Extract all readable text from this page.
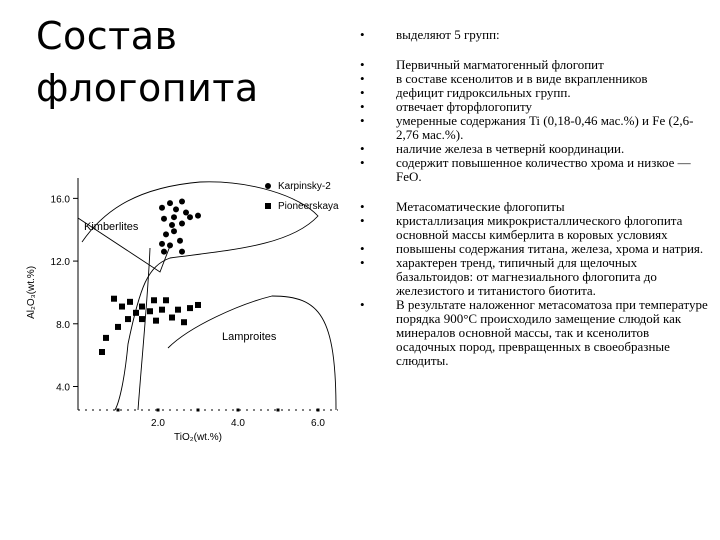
Состав
флогопита
4.0
8.0
12.0
16.0
2.0	4.0	6.0
TiO₂(wt.%)
Al₂O₃(wt.%)
Kimberlites
Lamproites
Karpinsky-2
Pioneerskaya
•	выделяют 5 групп:
•	Первичный магматогенный флогопит
•	в составе ксенолитов и в виде вкрапленников
•	дефицит гидроксильных групп.
•	отвечает фторфлогопиту
•	умеренные содержания Ti (0,18-0,46 мас.%) и Fe (2,6-2,76 мас.%).
•	наличие железа в четвернй координации.
•	содержит повышенное количество хрома и низкое — FeO.
•	Метасоматические флогопиты
•	кристаллизация микрокристаллического флогопита основной массы кимберлита в коровых условиях
•	повышены содержания титана, железа, хрома и натрия.
•	характерен тренд, типичный для щелочных базальтоидов: от магнезиального флогопита до железистого и титанистого биотита.
•	В результате наложенног метасоматоза при температуре порядка 900°С происходило замещение слюдой как минералов основной массы, так и ксенолитов осадочных пород, превращенных в своеобразные слюдиты.
